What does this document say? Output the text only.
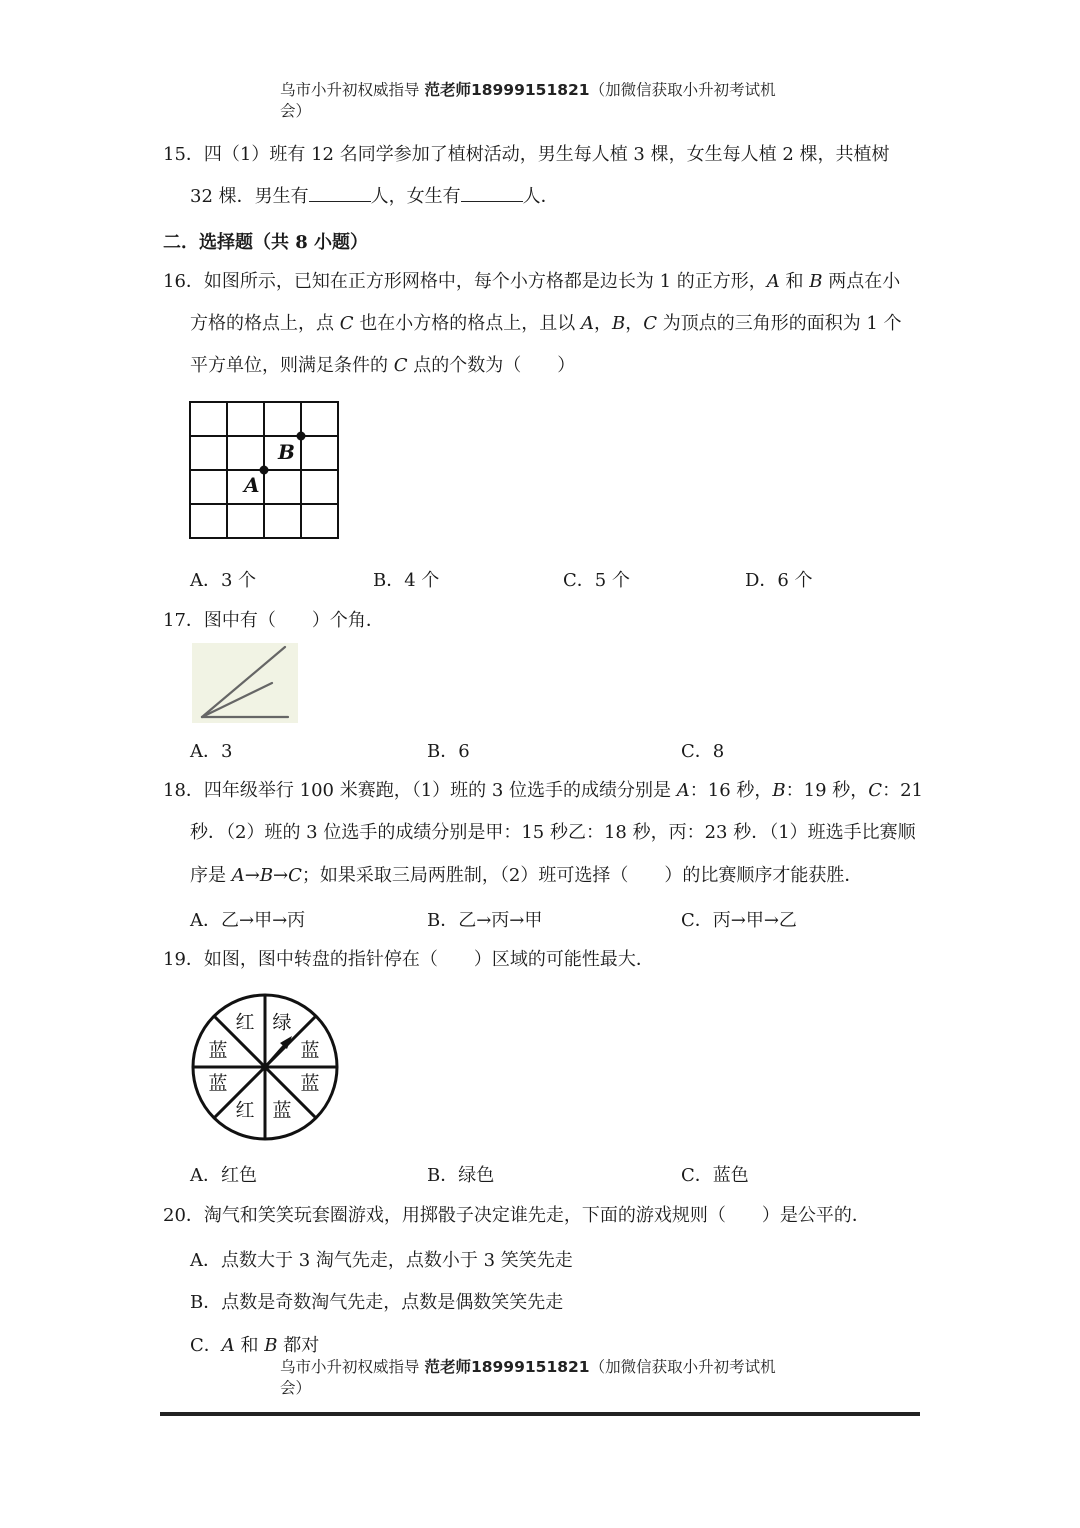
乌市小升初权威指导 范老师18999151821（加微信获取小升初考试机
会）
15．四（1）班有 12 名同学参加了植树活动，男生每人植 3 棵，女生每人植 2 棵，共植树
32 棵．男生有	人，女生有	人．
二．选择题（共 8 小题）
16．如图所示，已知在正方形网格中，每个小方格都是边长为 1 的正方形，A 和 B 两点在小
方格的格点上，点 C 也在小方格的格点上，且以 A，B，C 为顶点的三角形的面积为 1 个
平方单位，则满足条件的 C 点的个数为（　　）
A
B
A．3 个	B．4 个	C．5 个	D．6 个
17．图中有（　　）个角．
A．3	B．6	C．8
18．四年级举行 100 米赛跑，（1）班的 3 位选手的成绩分别是 A：16 秒，B：19 秒，C：21
秒．（2）班的 3 位选手的成绩分别是甲：15 秒乙：18 秒，丙：23 秒．（1）班选手比赛顺
序是 A→B→C；如果采取三局两胜制，（2）班可选择（　　）的比赛顺序才能获胜．
A．乙→甲→丙	B．乙→丙→甲	C．丙→甲→乙
19．如图，图中转盘的指针停在（　　）区域的可能性最大．
绿
蓝
蓝
蓝
红
蓝
蓝
红
A．红色	B．绿色	C．蓝色
20．淘气和笑笑玩套圈游戏，用掷骰子决定谁先走，下面的游戏规则（　　）是公平的．
A．点数大于 3 淘气先走，点数小于 3 笑笑先走
B．点数是奇数淘气先走，点数是偶数笑笑先走
C．A 和 B 都对
乌市小升初权威指导 范老师18999151821（加微信获取小升初考试机
会）
